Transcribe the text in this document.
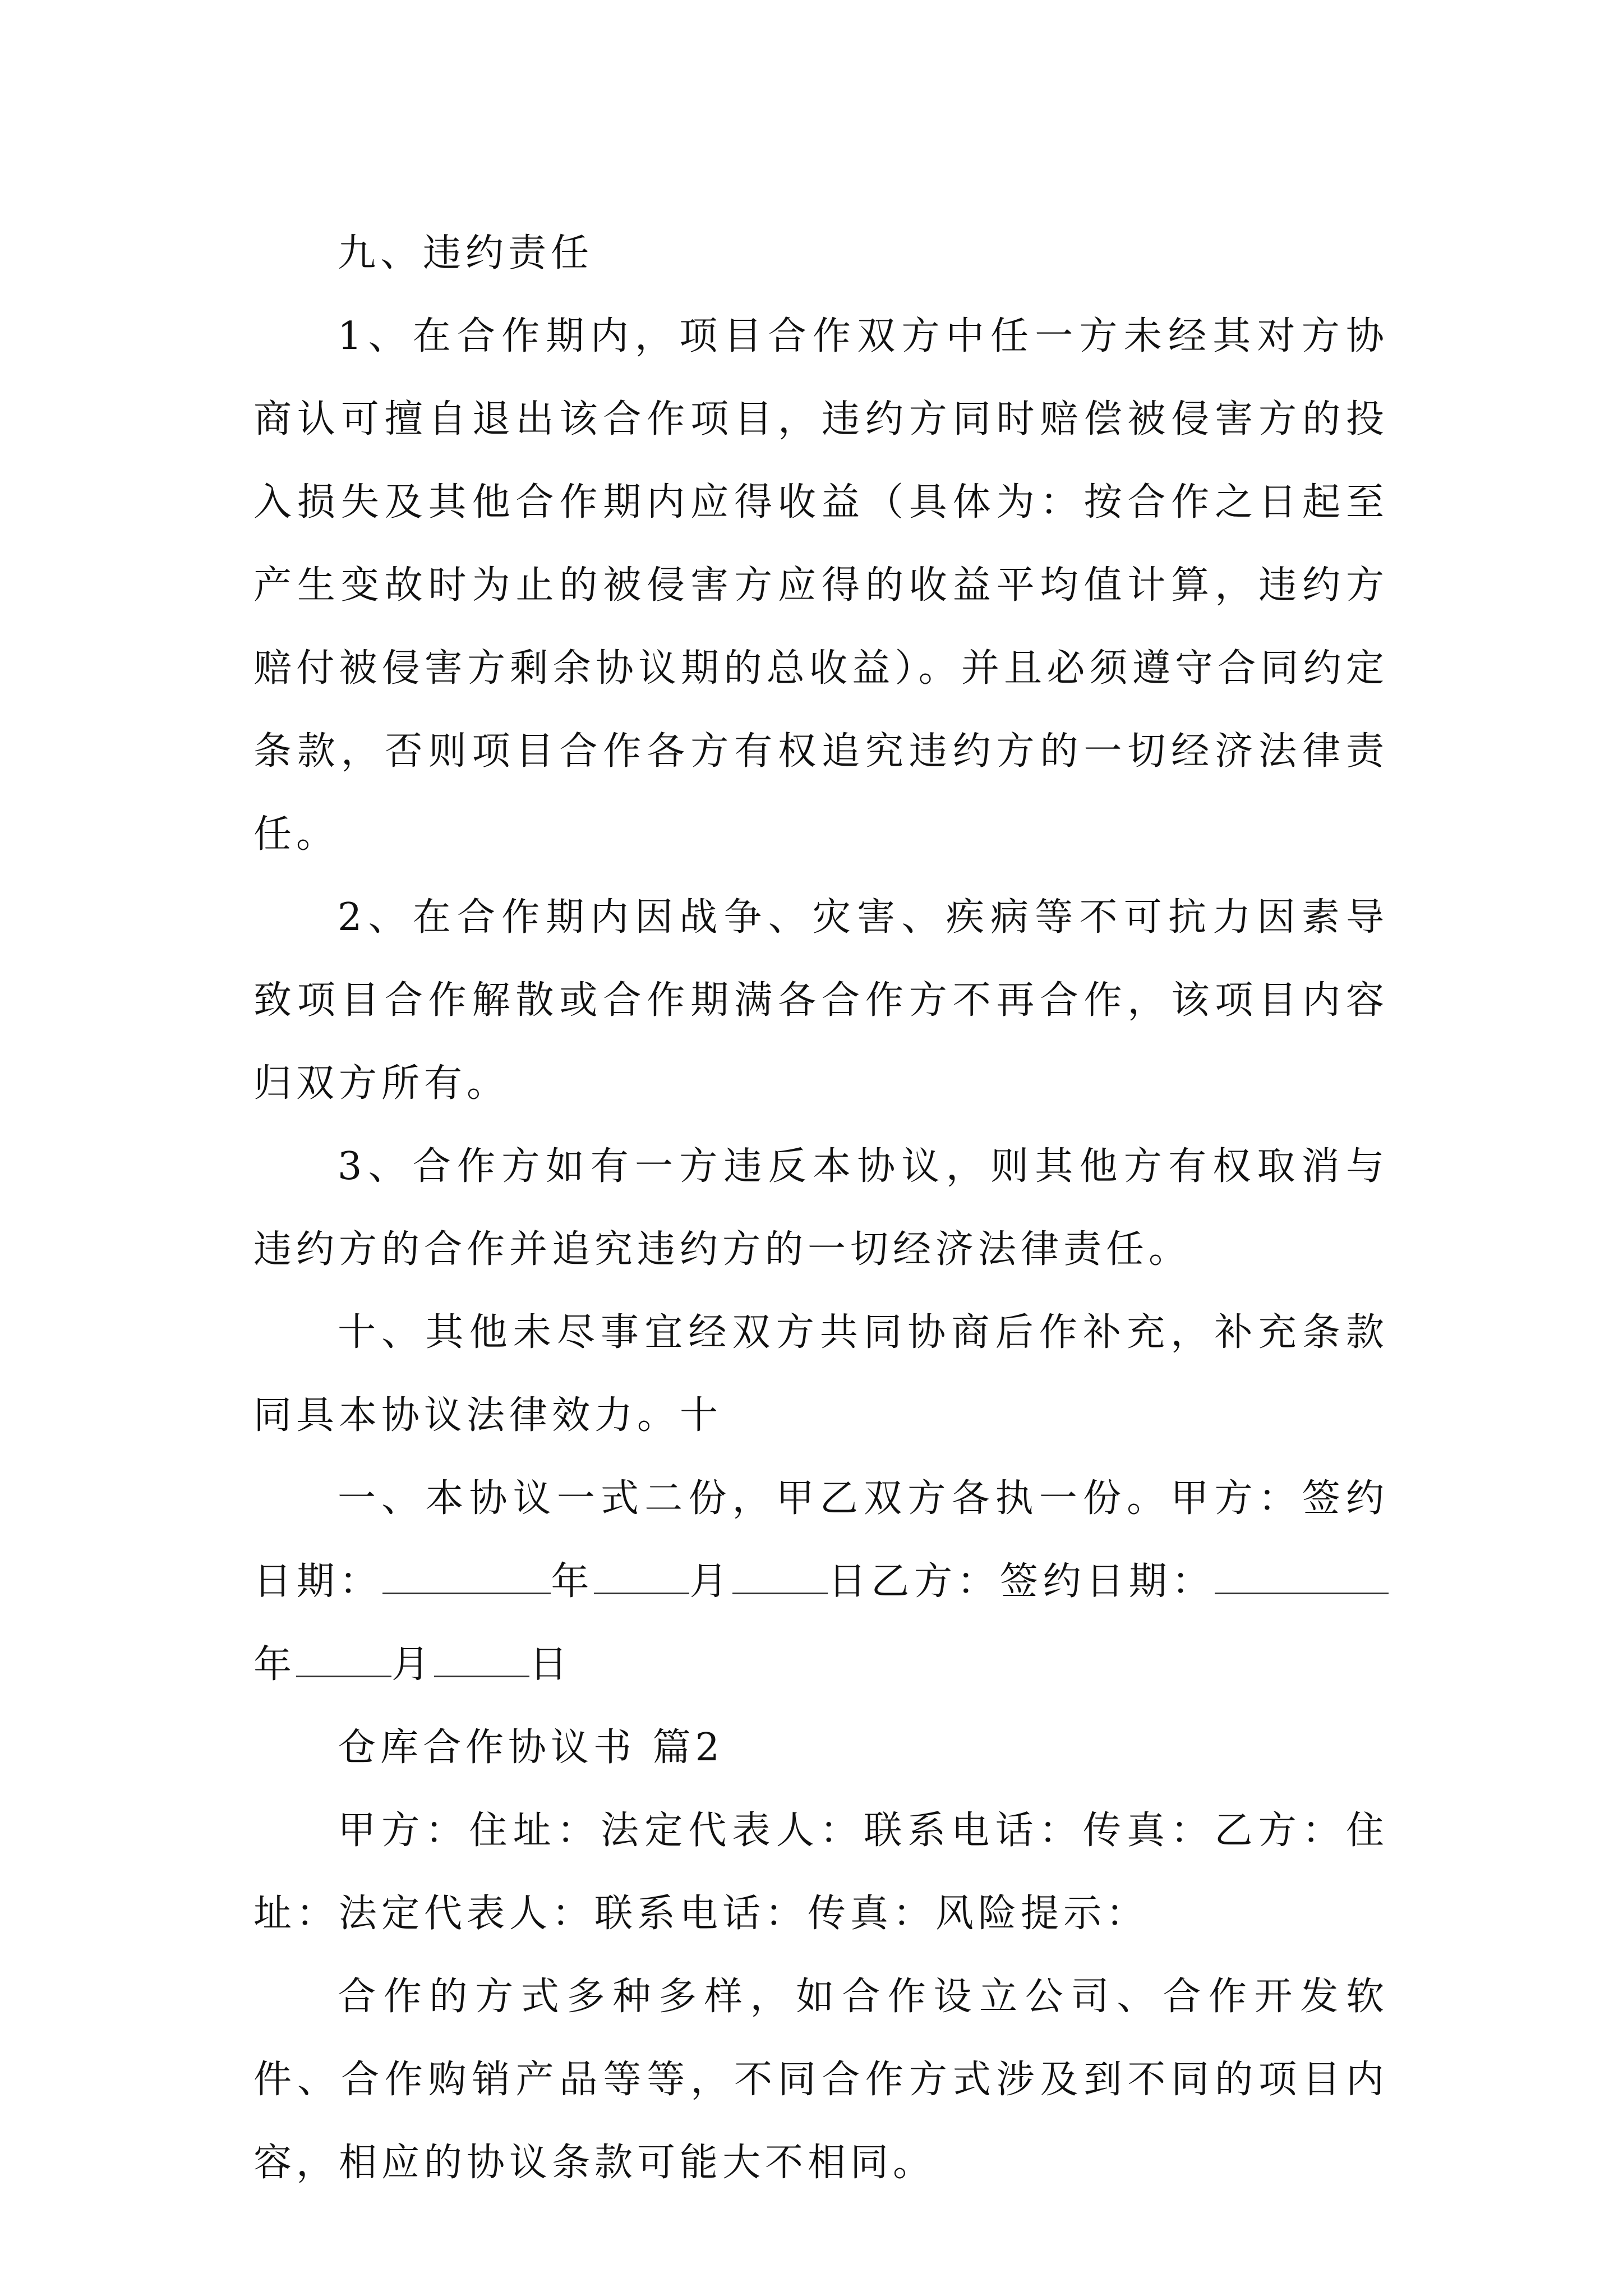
九、违约责任

1、在合作期内，项目合作双方中任一方未经其对方协商认可擅自退出该合作项目，违约方同时赔偿被侵害方的投入损失及其他合作期内应得收益（具体为：按合作之日起至产生变故时为止的被侵害方应得的收益平均值计算，违约方赔付被侵害方剩余协议期的总收益）。并且必须遵守合同约定条款，否则项目合作各方有权追究违约方的一切经济法律责任。

2、在合作期内因战争、灾害、疾病等不可抗力因素导致项目合作解散或合作期满各合作方不再合作，该项目内容归双方所有。

3、合作方如有一方违反本协议，则其他方有权取消与违约方的合作并追究违约方的一切经济法律责任。

十、其他未尽事宜经双方共同协商后作补充，补充条款同具本协议法律效力。十

一、本协议一式二份，甲乙双方各执一份。甲方：签约日期：	年	月	日乙方：签约日期：年	月	日

仓库合作协议书 篇2

甲方：住址：法定代表人：联系电话：传真：乙方：住址：法定代表人：联系电话：传真：风险提示：

合作的方式多种多样，如合作设立公司、合作开发软件、合作购销产品等等，不同合作方式涉及到不同的项目内容，相应的协议条款可能大不相同。
